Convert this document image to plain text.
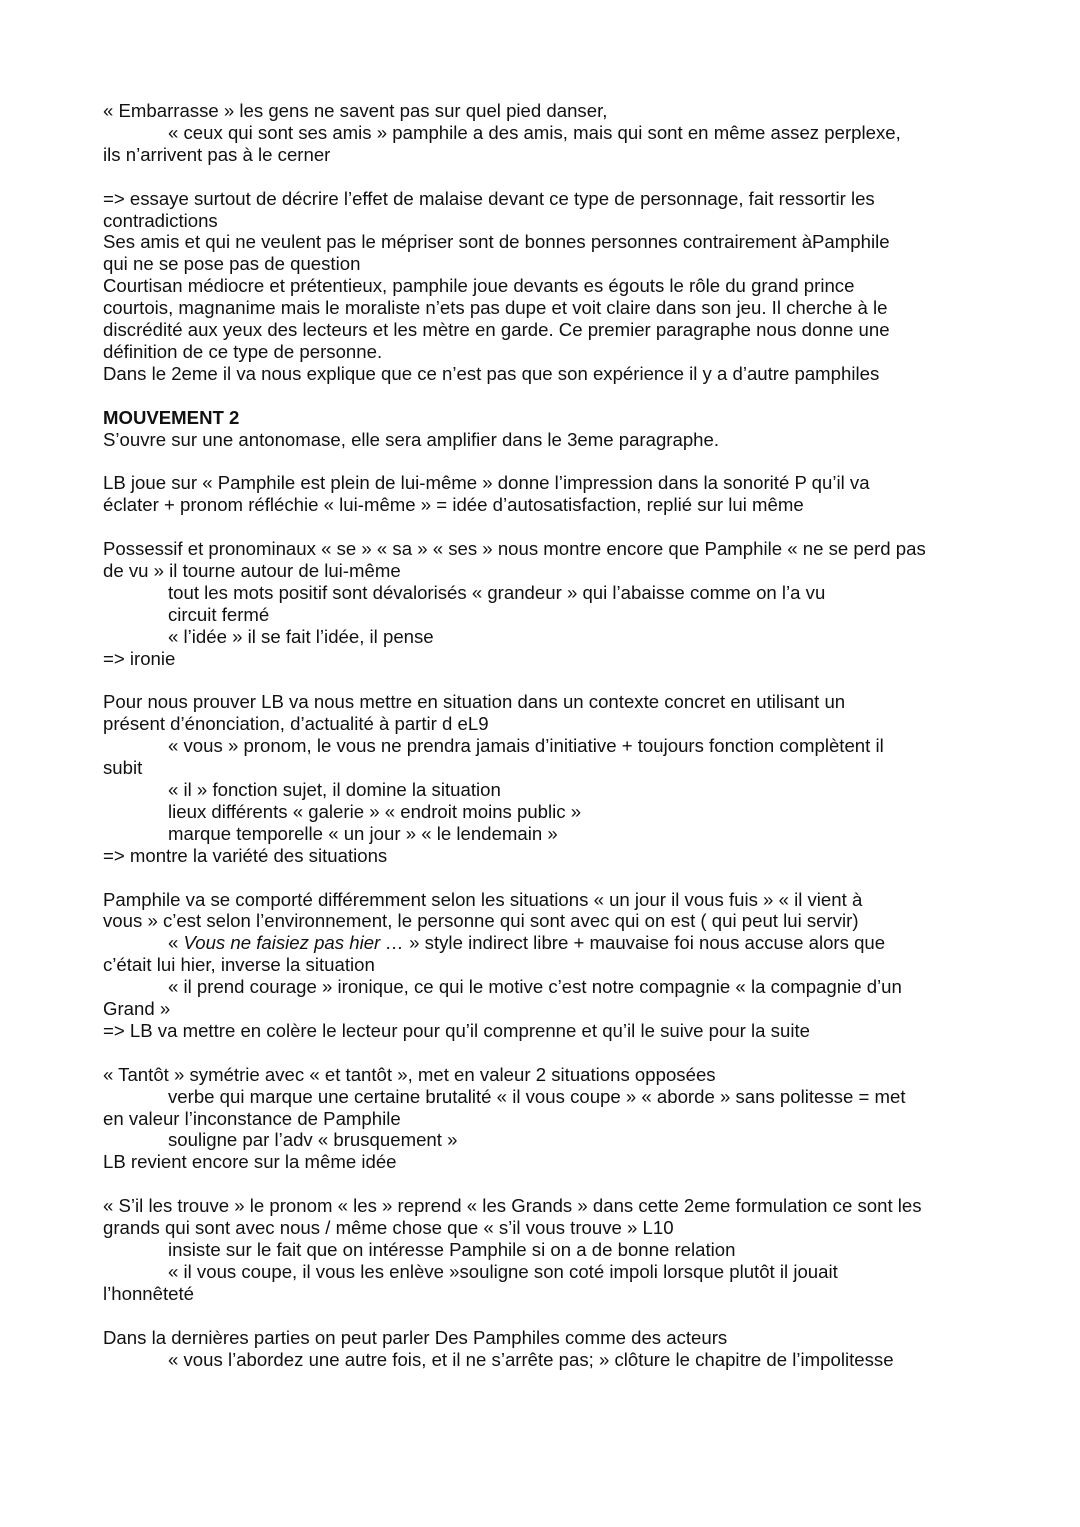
« Embarrasse » les gens ne savent pas sur quel pied danser,
« ceux qui sont ses amis » pamphile a des amis, mais qui sont en même assez perplexe,
ils n’arrivent pas à le cerner
=> essaye surtout de décrire l’effet de malaise devant ce type de personnage, fait ressortir les
contradictions
Ses amis et qui ne veulent pas le mépriser sont de bonnes personnes contrairement àPamphile
qui ne se pose pas de question
Courtisan médiocre et prétentieux, pamphile joue devants es égouts le rôle du grand prince
courtois, magnanime mais le moraliste n’ets pas dupe et voit claire dans son jeu. Il cherche à le
discrédité aux yeux des lecteurs et les mètre en garde. Ce premier paragraphe nous donne une
définition de ce type de personne.
Dans le 2eme il va nous explique que ce n’est pas que son expérience il y a d’autre pamphiles
MOUVEMENT 2
S’ouvre sur une antonomase, elle sera amplifier dans le 3eme paragraphe.
LB joue sur « Pamphile est plein de lui-même » donne l’impression dans la sonorité P qu’il va
éclater + pronom réfléchie « lui-même » = idée d’autosatisfaction, replié sur lui même
Possessif et pronominaux « se » « sa » « ses » nous montre encore que Pamphile « ne se perd pas
de vu » il tourne autour de lui-même
tout les mots positif sont dévalorisés « grandeur » qui l’abaisse comme on l’a vu
circuit fermé
« l’idée » il se fait l’idée, il pense
=> ironie
Pour nous prouver LB va nous mettre en situation dans un contexte concret en utilisant un
présent d’énonciation, d’actualité à partir d eL9
« vous » pronom, le vous ne prendra jamais d’initiative + toujours fonction complètent il
subit
« il » fonction sujet, il domine la situation
lieux différents « galerie » « endroit moins public »
marque temporelle « un jour » « le lendemain »
=> montre la variété des situations
Pamphile va se comporté différemment selon les situations « un jour il vous fuis » « il vient à
vous » c’est selon l’environnement, le personne qui sont avec qui on est ( qui peut lui servir)
« Vous ne faisiez pas hier … » style indirect libre + mauvaise foi nous accuse alors que
c’était lui hier, inverse la situation
« il prend courage » ironique, ce qui le motive c’est notre compagnie « la compagnie d’un
Grand »
=> LB va mettre en colère le lecteur pour qu’il comprenne et qu’il le suive pour la suite
« Tantôt » symétrie avec « et tantôt », met en valeur 2 situations opposées
verbe qui marque une certaine brutalité « il vous coupe » « aborde » sans politesse = met
en valeur l’inconstance de Pamphile
souligne par l’adv « brusquement »
LB revient encore sur la même idée
« S’il les trouve » le pronom « les » reprend « les Grands » dans cette 2eme formulation ce sont les
grands qui sont avec nous / même chose que « s’il vous trouve » L10
insiste sur le fait que on intéresse Pamphile si on a de bonne relation
« il vous coupe, il vous les enlève »souligne son coté impoli lorsque plutôt il jouait
l’honnêteté
Dans la dernières parties on peut parler Des Pamphiles comme des acteurs
« vous l’abordez une autre fois, et il ne s’arrête pas; » clôture le chapitre de l’impolitesse
